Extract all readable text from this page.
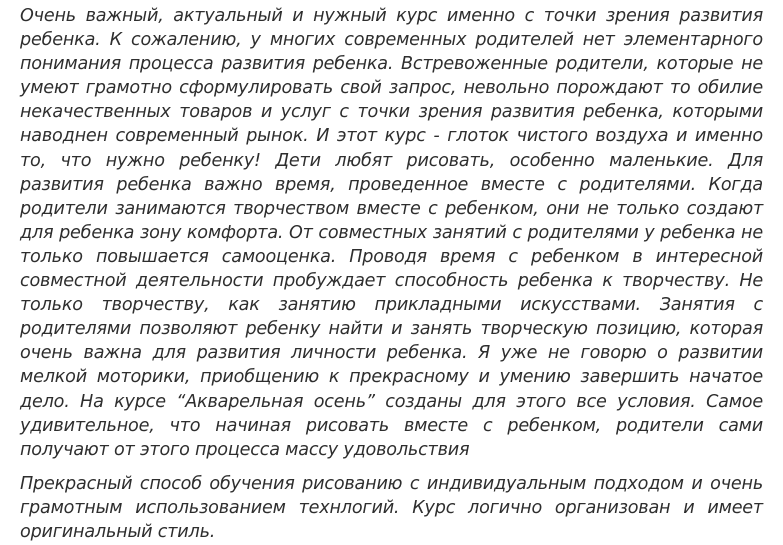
Очень важный, актуальный и нужный курс именно с точки зрения развития ребенка. К сожалению, у многих современных родителей нет элементарного понимания процесса развития ребенка. Встревоженные родители, которые не умеют грамотно сформулировать свой запрос, невольно порождают то обилие некачественных товаров и услуг с точки зрения развития ребенка, которыми наводнен современный рынок. И этот курс - глоток чистого воздуха и именно то, что нужно ребенку! Дети любят рисовать, особенно маленькие. Для развития ребенка важно время, проведенное вместе с родителями. Когда родители занимаются творчеством вместе с ребенком, они не только создают для ребенка зону комфорта. От совместных занятий с родителями у ребенка не только повышается самооценка. Проводя время с ребенком в интересной совместной деятельности пробуждает способность ребенка к творчеству. Не только творчеству, как занятию прикладными искусствами. Занятия с родителями позволяют ребенку найти и занять творческую позицию, которая очень важна для развития личности ребенка. Я уже не говорю о развитии мелкой моторики, приобщению к прекрасному и умению завершить начатое дело. На курсе “Акварельная осень” созданы для этого все условия. Самое удивительное, что начиная рисовать вместе с ребенком, родители сами получают от этого процесса массу удовольствия

Прекрасный способ обучения рисованию с индивидуальным подходом и очень грамотным использованием технлогий. Курс логично организован и имеет оригинальный стиль.
